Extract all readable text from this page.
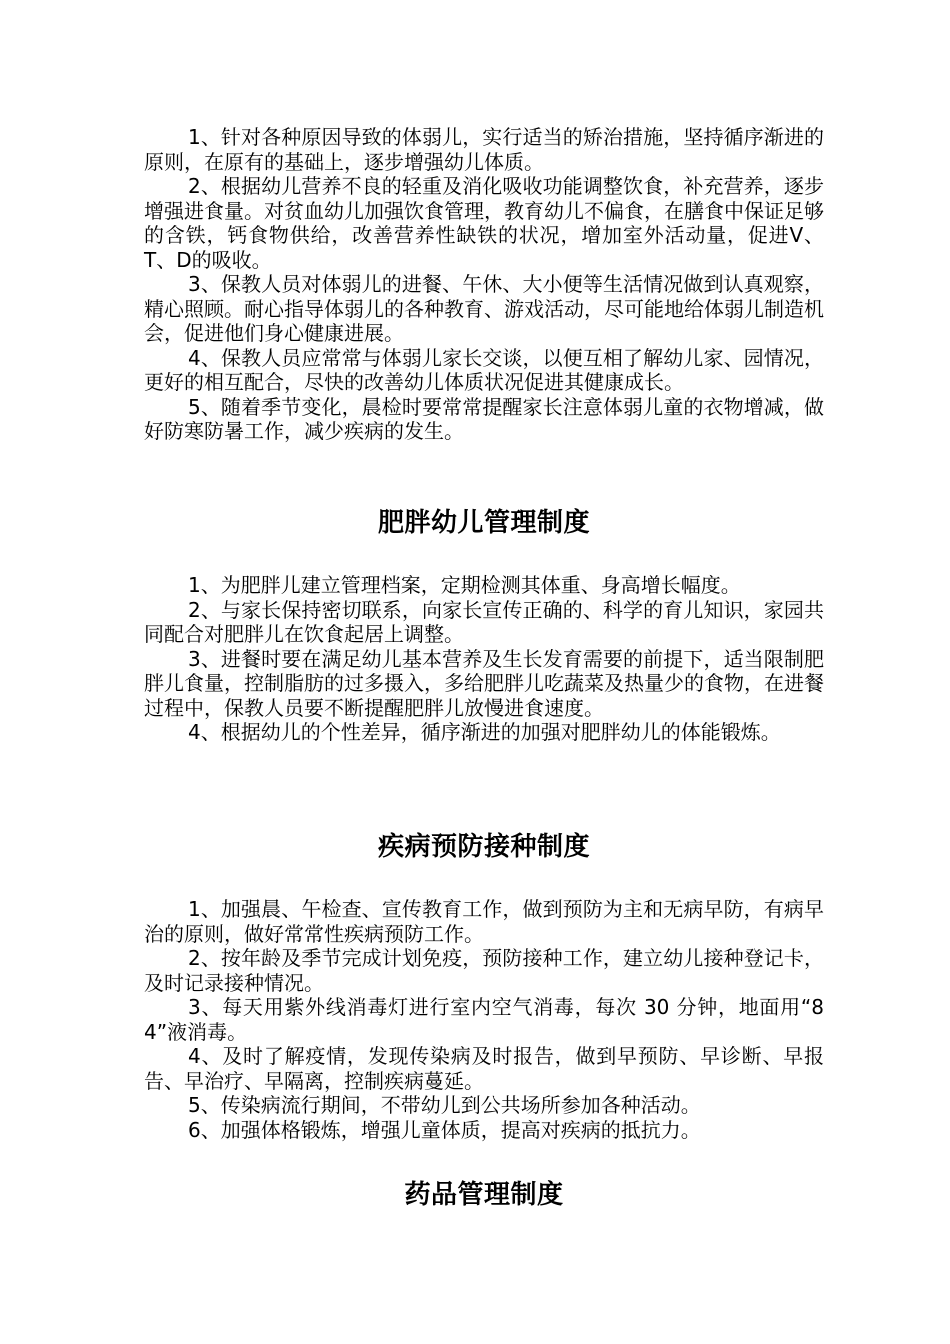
1、针对各种原因导致的体弱儿，实行适当的矫治措施，坚持循序渐进的原则，在原有的基础上，逐步增强幼儿体质。

2、根据幼儿营养不良的轻重及消化吸收功能调整饮食，补充营养，逐步增强进食量。对贫血幼儿加强饮食管理，教育幼儿不偏食，在膳食中保证足够的含铁，钙食物供给，改善营养性缺铁的状况，增加室外活动量，促进V、T、D的吸收。

3、保教人员对体弱儿的进餐、午休、大小便等生活情况做到认真观察，精心照顾。耐心指导体弱儿的各种教育、游戏活动，尽可能地给体弱儿制造机会，促进他们身心健康进展。

4、保教人员应常常与体弱儿家长交谈，以便互相了解幼儿家、园情况，更好的相互配合，尽快的改善幼儿体质状况促进其健康成长。

5、随着季节变化，晨检时要常常提醒家长注意体弱儿童的衣物增减，做好防寒防暑工作，减少疾病的发生。

肥胖幼儿管理制度

1、为肥胖儿建立管理档案，定期检测其体重、身高增长幅度。

2、与家长保持密切联系，向家长宣传正确的、科学的育儿知识，家园共同配合对肥胖儿在饮食起居上调整。

3、进餐时要在满足幼儿基本营养及生长发育需要的前提下，适当限制肥胖儿食量，控制脂肪的过多摄入，多给肥胖儿吃蔬菜及热量少的食物，在进餐过程中，保教人员要不断提醒肥胖儿放慢进食速度。

4、根据幼儿的个性差异，循序渐进的加强对肥胖幼儿的体能锻炼。

疾病预防接种制度

1、加强晨、午检查、宣传教育工作，做到预防为主和无病早防，有病早治的原则，做好常常性疾病预防工作。

2、按年龄及季节完成计划免疫，预防接种工作，建立幼儿接种登记卡，及时记录接种情况。

3、每天用紫外线消毒灯进行室内空气消毒，每次 30 分钟，地面用“84”液消毒。

4、及时了解疫情，发现传染病及时报告，做到早预防、早诊断、早报告、早治疗、早隔离，控制疾病蔓延。

5、传染病流行期间，不带幼儿到公共场所参加各种活动。

6、加强体格锻炼，增强儿童体质，提高对疾病的抵抗力。

药品管理制度
